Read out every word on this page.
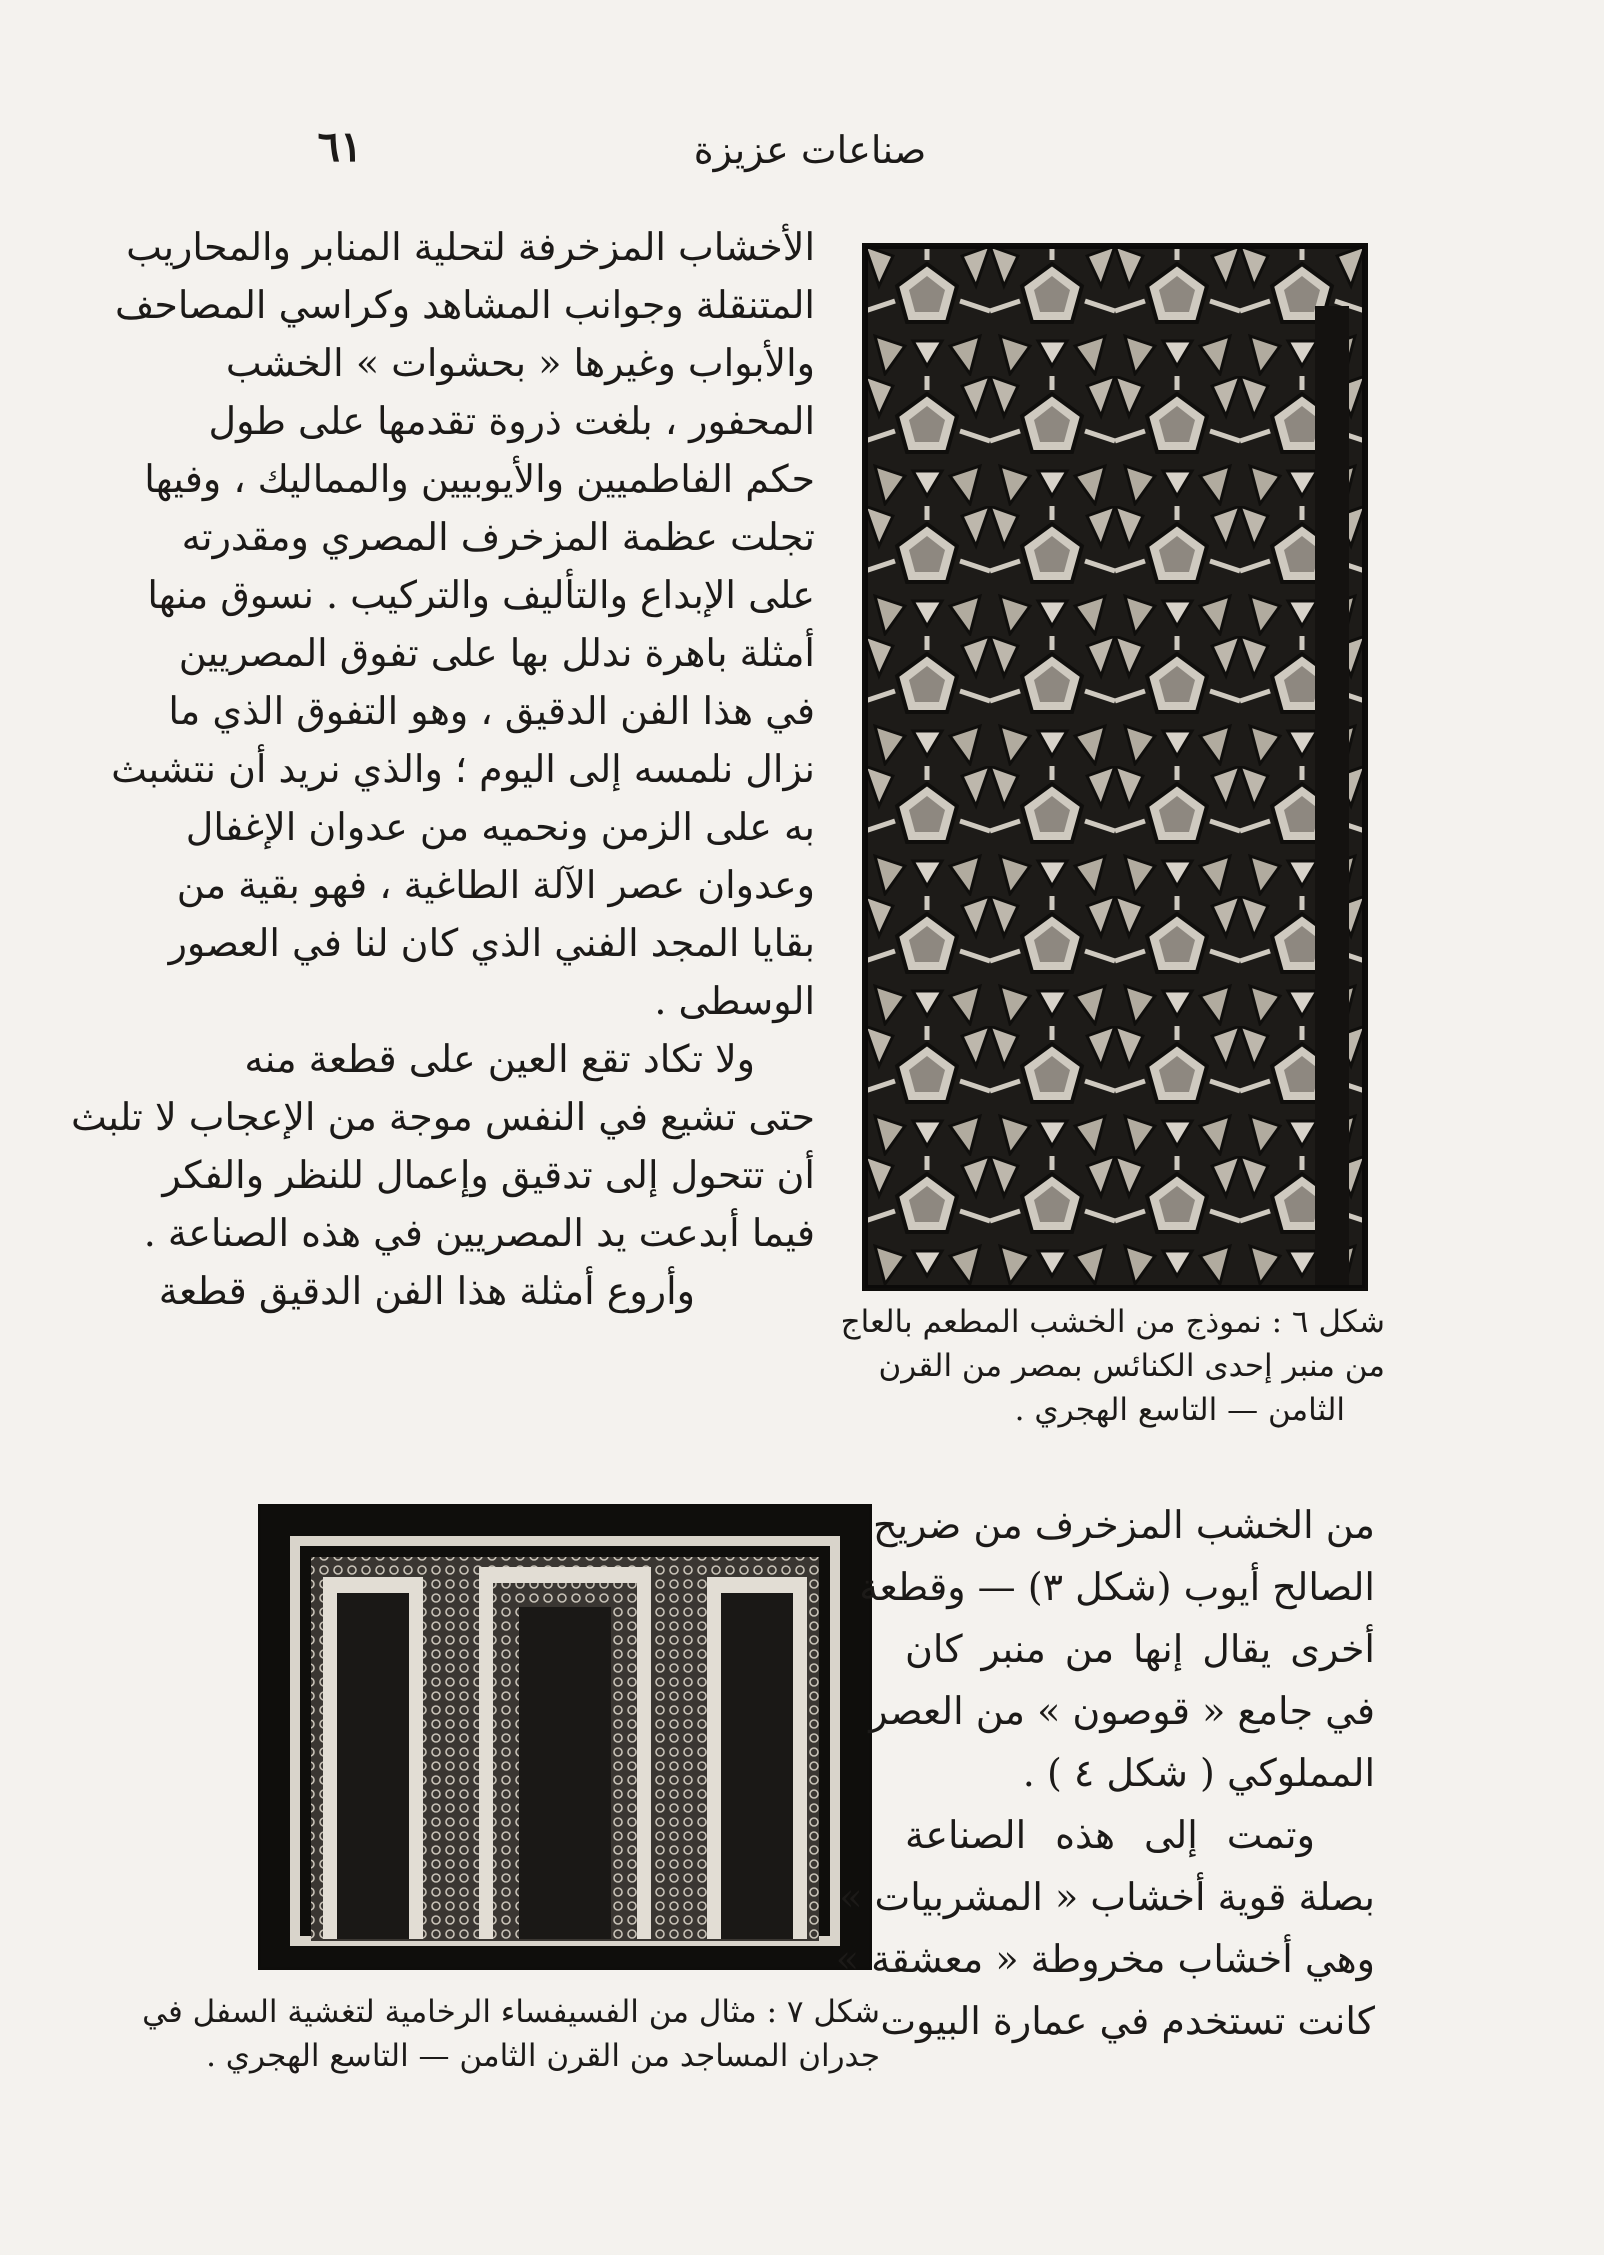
صناعات عزيزة
٦١

الأخشاب المزخرفة لتحلية المنابر والمحاريب
المتنقلة وجوانب المشاهد وكراسي المصاحف
والأبواب وغيرها « بحشوات » الخشب
المحفور ، بلغت ذروة تقدمها على طول
حكم الفاطميين والأيوبيين والمماليك ، وفيها
تجلت عظمة المزخرف المصري ومقدرته
على الإبداع والتأليف والتركيب . نسوق منها
أمثلة باهرة ندلل بها على تفوق المصريين
في هذا الفن الدقيق ، وهو التفوق الذي ما
نزال نلمسه إلى اليوم ؛ والذي نريد أن نتشبث
به على الزمن ونحميه من عدوان الإغفال
وعدوان عصر الآلة الطاغية ، فهو بقية من
بقايا المجد الفني الذي كان لنا في العصور
الوسطى .

ولا تكاد تقع العين على قطعة منه
حتى تشيع في النفس موجة من الإعجاب لا تلبث
أن تتحول إلى تدقيق وإعمال للنظر والفكر
فيما أبدعت يد المصريين في هذه الصناعة .
وأروع أمثلة هذا الفن الدقيق قطعة

شكل ٦ : نموذج من الخشب المطعم بالعاج
من منبر إحدى الكنائس بمصر من القرن
الثامن — التاسع الهجري .
شكل ٧ : مثال من الفسيفساء الرخامية لتغشية السفل في
جدران المساجد من القرن الثامن — التاسع الهجري .

من الخشب المزخرف من ضريح
الصالح أيوب (شكل ٣) — وقطعة
أخرى يقال إنها من منبر كان
في جامع « قوصون » من العصر
المملوكي ( شكل ٤ ) .

وتمت إلى هذه الصناعة
بصلة قوية أخشاب « المشربيات »
وهي أخشاب مخروطة « معشقة »
كانت تستخدم في عمارة البيوت
